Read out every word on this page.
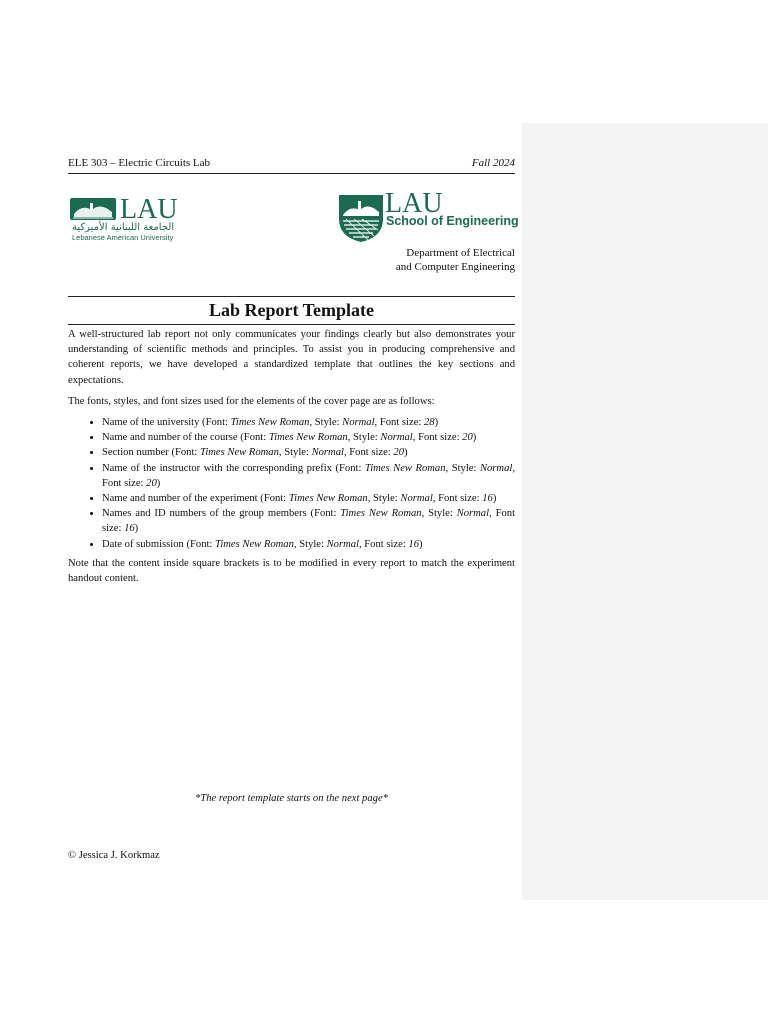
ELE 303 – Electric Circuits Lab	Fall 2024
LAU
الجامعة اللبنانية الأميركية
Lebanese American University
LAU
School of Engineering
Department of Electrical
and Computer Engineering
Lab Report Template

A well-structured lab report not only communicates your findings clearly but also demonstrates your understanding of scientific methods and principles. To assist you in producing comprehensive and coherent reports, we have developed a standardized template that outlines the key sections and expectations.

The fonts, styles, and font sizes used for the elements of the cover page are as follows:

• Name of the university (Font: Times New Roman, Style: Normal, Font size: 28)
• Name and number of the course (Font: Times New Roman, Style: Normal, Font size: 20)
• Section number (Font: Times New Roman, Style: Normal, Font size: 20)
• Name of the instructor with the corresponding prefix (Font: Times New Roman, Style: Normal, Font size: 20)
• Name and number of the experiment (Font: Times New Roman, Style: Normal, Font size: 16)
• Names and ID numbers of the group members (Font: Times New Roman, Style: Normal, Font size: 16)
• Date of submission (Font: Times New Roman, Style: Normal, Font size: 16)

Note that the content inside square brackets is to be modified in every report to match the experiment handout content.

*The report template starts on the next page*
© Jessica J. Korkmaz
